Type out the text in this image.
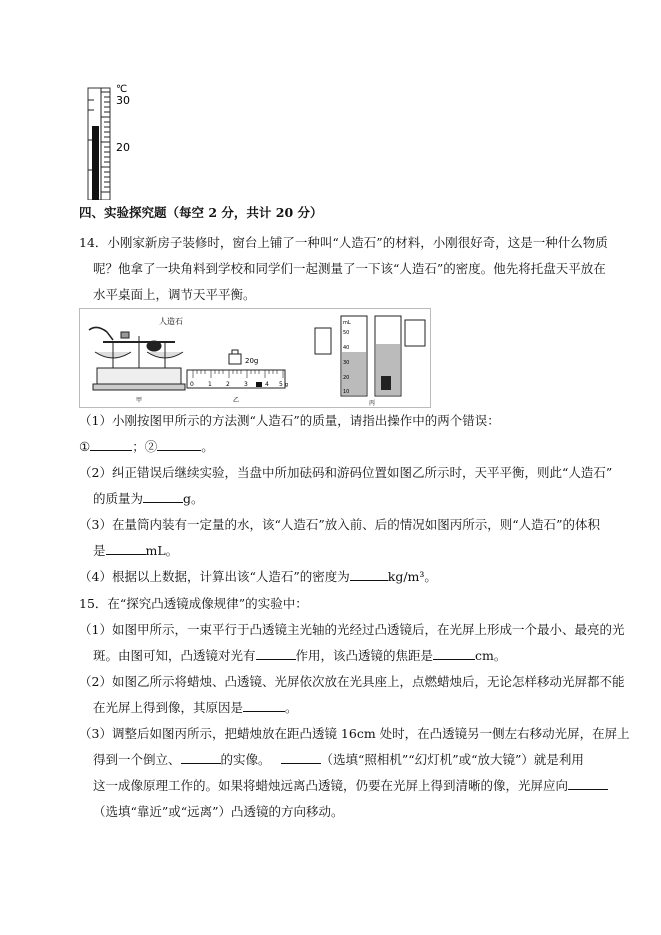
℃
30
20
四、实验探究题（每空 2 分，共计 20 分）
14．小刚家新房子装修时，窗台上铺了一种叫“人造石”的材料，小刚很好奇，这是一种什么物质
呢？他拿了一块角料到学校和同学们一起测量了一下该“人造石”的密度。他先将托盘天平放在
水平桌面上，调节天平平衡。
人造石
甲
20g
0 1 2 3	4 5 g
乙
mL
50
40
30
20
10
丙
（1）小刚按图甲所示的方法测“人造石”的质量，请指出操作中的两个错误：
①	；②	。
（2）纠正错误后继续实验，当盘中所加砝码和游码位置如图乙所示时，天平平衡，则此“人造石”
的质量为	g。
（3）在量筒内装有一定量的水，该“人造石”放入前、后的情况如图丙所示，则“人造石”的体积
是	mL。
（4）根据以上数据，计算出该“人造石”的密度为	kg/m³。
15．在“探究凸透镜成像规律”的实验中：
（1）如图甲所示，一束平行于凸透镜主光轴的光经过凸透镜后，在光屏上形成一个最小、最亮的光
斑。由图可知，凸透镜对光有	作用，该凸透镜的焦距是	cm。
（2）如图乙所示将蜡烛、凸透镜、光屏依次放在光具座上，点燃蜡烛后，无论怎样移动光屏都不能
在光屏上得到像，其原因是	。
（3）调整后如图丙所示，把蜡烛放在距凸透镜 16cm 处时，在凸透镜另一侧左右移动光屏，在屏上
得到一个倒立、	的实像。	（选填“照相机”“幻灯机”或“放大镜”）就是利用
这一成像原理工作的。如果将蜡烛远离凸透镜，仍要在光屏上得到清晰的像，光屏应向
（选填“靠近”或“远离”）凸透镜的方向移动。
